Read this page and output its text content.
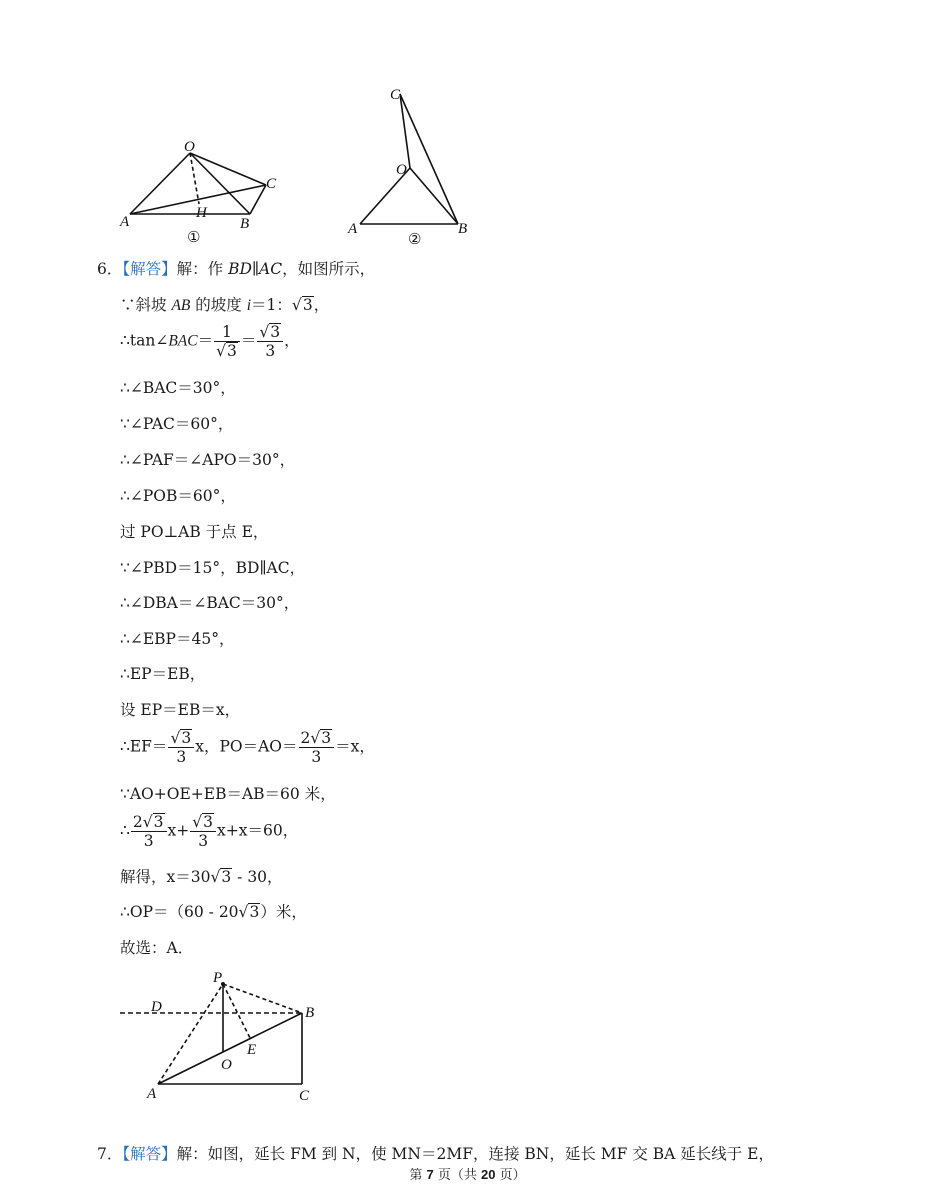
O
C
A
H
B
①
C
O
A	B
②
6．【解答】解：作 BD∥AC，如图所示，
∵斜坡 AB 的坡度 i＝1：√3，
∴tan∠BAC＝ $\frac{1}{√3} = \frac{√3}{3}$ ，
∴∠BAC＝30°，
∵∠PAC＝60°，
∴∠PAF＝∠APO＝30°，
∴∠POB＝60°，
过 PO⊥AB 于点 E，
∵∠PBD＝15°，BD∥AC，
∴∠DBA＝∠BAC＝30°，
∴∠EBP＝45°，
∴EP＝EB，
设 EP＝EB＝x，
∴EF＝ $\frac{√3}{3}$ x，$PO=AO= \frac{2√3}{3} =x$，
∵AO+OE+EB＝AB＝60 米，
∴ $\frac{2√3}{3} x+ \frac{√3}{3} x+x=60$，
解得，x＝30√3 - 30，
∴OP＝（60 - 20√3）米，
故选：A．
P
D	B
E
O
A	C
7．【解答】解：如图，延长 FM 到 N，使 MN＝2MF，连接 BN，延长 MF 交 BA 延长线于 E，
第 7 页（共 20 页）
